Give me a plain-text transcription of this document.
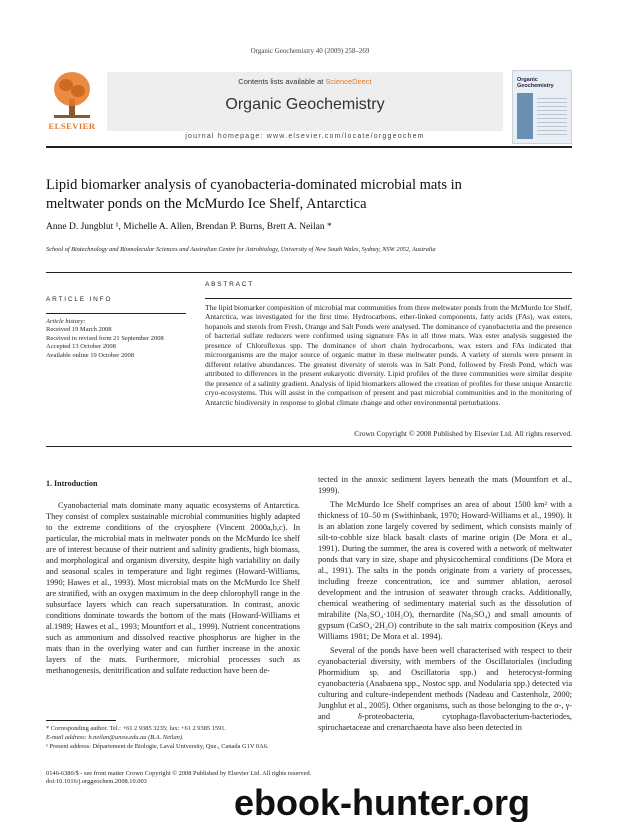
Organic Geochemistry 40 (2009) 258–269
ELSEVIER
Contents lists available at ScienceDirect
Organic Geochemistry
journal homepage: www.elsevier.com/locate/orggeochem
Organic Geochemistry
Lipid biomarker analysis of cyanobacteria-dominated microbial mats in meltwater ponds on the McMurdo Ice Shelf, Antarctica
Anne D. Jungblut ¹, Michelle A. Allen, Brendan P. Burns, Brett A. Neilan *
School of Biotechnology and Biomolecular Sciences and Australian Centre for Astrobiology, University of New South Wales, Sydney, NSW 2052, Australia
ARTICLE INFO
Article history:
Received 19 March 2008
Received in revised form 21 September 2008
Accepted 13 October 2008
Available online 19 October 2008
ABSTRACT
The lipid biomarker composition of microbial mat communities from three meltwater ponds from the McMurdo Ice Shelf, Antarctica, was investigated for the first time. Hydrocarbons, ether-linked components, fatty acids (FAs), wax esters, hopanols and sterols from Fresh, Orange and Salt Ponds were analysed. The dominance of cyanobacteria and the presence of bacterial sulfate reducers were confirmed using signature FAs in all three mats. Wax ester analysis suggested the presence of Chloroflexus spp. The dominance of short chain hydrocarbons, wax esters and FAs indicated that microorganisms are the major source of organic matter in these meltwater ponds. A variety of sterols were present in different relative abundances. The greatest diversity of sterols was in Salt Pond, followed by Fresh Pond, which was attributed to differences in the present eukaryotic diversity. Lipid profiles of the three communities were similar despite the presence of a salinity gradient. Analysis of lipid biomarkers allowed the creation of profiles for these unique Antarctic cryo-ecosystems. This will assist in the comparison of present and past microbial communities and in the monitoring of Antarctic biodiversity in response to global climate change and other environmental perturbations.
Crown Copyright © 2008 Published by Elsevier Ltd. All rights reserved.
1. Introduction

Cyanobacterial mats dominate many aquatic ecosystems of Antarctica. They consist of complex sustainable microbial communities highly adapted to the extreme conditions of the cryosphere (Vincent 2000a,b,c). In particular, the microbial mats in meltwater ponds on the McMurdo Ice shelf are of interest because of their nutrient and salinity gradients, high biomass, and morphological and organism diversity, despite high variability on daily and seasonal scales in temperature and light regimes (Howard-Williams, 1990; Hawes et al., 1993). Most microbial mats on the McMurdo Ice Shelf are stratified, with an oxygen maximum in the deep chlorophyll range in the subsurface layers which can reach supersaturation. In contrast, anoxic conditions dominate towards the bottom of the mats (Howard-Williams et al.1989; Hawes et al., 1993; Mountfort et al., 1999). Nutrient concentrations such as ammonium and dissolved reactive phosphorus are higher in the mats than in the overlying water and can further increase in the anoxic layers of the mats. Furthermore, microbial processes such as methanogenesis, denitrification and sulfate reduction have been de-

tected in the anoxic sediment layers beneath the mats (Mountfort et al., 1999).

The McMurdo Ice Shelf comprises an area of about 1500 km² with a thickness of 10–50 m (Swithinbank, 1970; Howard-Williams et al., 1990). It is an ablation zone largely covered by sediment, which consists mainly of silt-to-cobble size black basalt clasts of marine origin (De Mora et al., 1991). During the summer, the area is covered with a network of meltwater ponds that vary in size, shape and physicochemical conditions (De Mora et al., 1991). The salts in the ponds originate from a variety of processes, including freeze concentration, ice and summer ablation, aerosol development and the intrusion of seawater through cracks. Additionally, chemical weathering of sedimentary material such as the dissolution of mirabilite (Na₂SO₄·10H₂O), thernardite (Na₂SO₄) and small amounts of gypsum (CaSO₄·2H₂O) contribute to the salt matrix composition (Keys and Williams 1981; De Mora et al. 1994).

Several of the ponds have been well characterised with respect to their cyanobacterial diversity, with members of the Oscillatoriales (including Phormidium sp. and Oscillatoria spp.) and heterocyst-forming cyanobacteria (Anabaena spp., Nostoc spp. and Nodularia spp.) detected via culturing and culture-independent methods (Nadeau and Castenholz, 2000; Jungblut et al., 2005). Other organisms, such as those belonging to the α-, γ- and δ-proteobacteria, cytophaga-flavobacterium-bacteriodes, spirochaetaceae and crenarchaeota have also been detected in

* Corresponding author. Tel.: +61 2 9385 3235; fax: +61 2 9385 1591.
E-mail address: b.neilan@unsw.edu.au (B.A. Neilan).
¹ Present address: Département de Biologie, Laval University, Que., Canada G1V 0A6.
0146-6380/$ - see front matter Crown Copyright © 2008 Published by Elsevier Ltd. All rights reserved.
doi:10.1016/j.orggeochem.2008.10.003
ebook-hunter.org
